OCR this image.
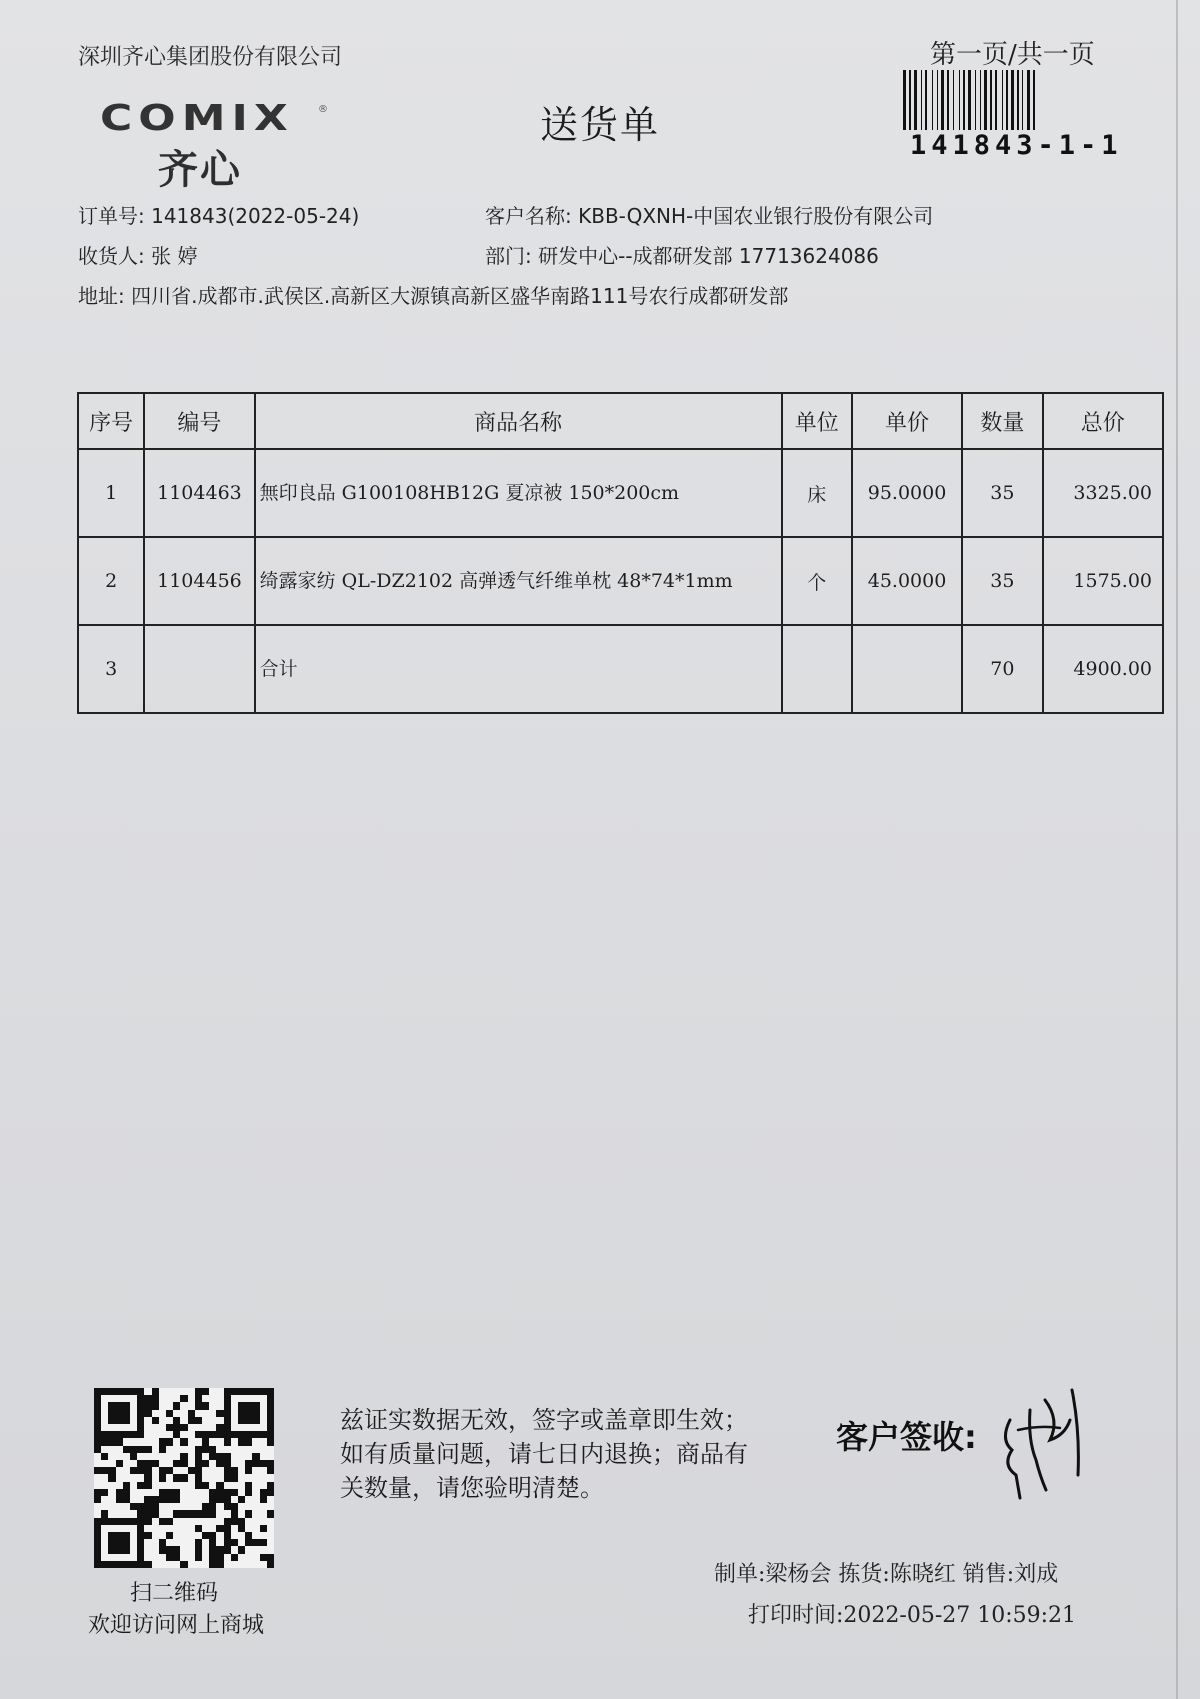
深圳齐心集团股份有限公司	第一页/共一页
COMIX ®
齐心
送货单	141843-1-1
订单号: 141843(2022-05-24)	客户名称: KBB-QXNH-中国农业银行股份有限公司
收货人: 张 婷	部门: 研发中心--成都研发部 17713624086
地址: 四川省.成都市.武侯区.高新区大源镇高新区盛华南路111号农行成都研发部
序号	编号	商品名称	单位	单价	数量	总价
1	1104463	無印良品 G100108HB12G 夏凉被 150*200cm	床	95.0000	35	3325.00
2	1104456	绮露家纺 QL-DZ2102 高弹透气纤维单枕 48*74*1mm	个	45.0000	35	1575.00
3		合计			70	4900.00
扫二维码
欢迎访问网上商城
兹证实数据无效，签字或盖章即生效；如有质量问题，请七日内退换；商品有关数量，请您验明清楚。
客户签收:
制单:梁杨会 拣货:陈晓红 销售:刘成
打印时间:2022-05-27 10:59:21
